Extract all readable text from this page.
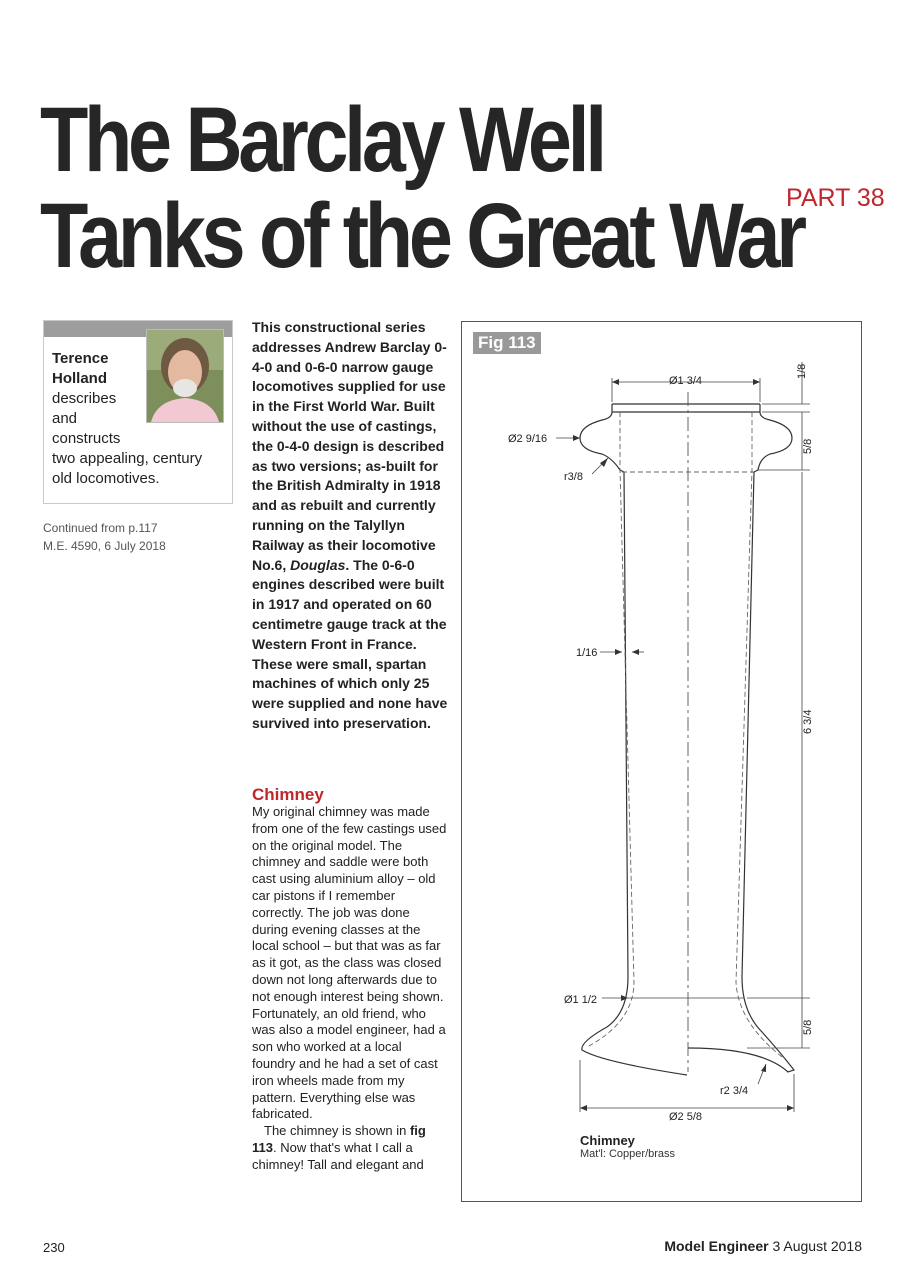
The Barclay Well
Tanks of the Great War
PART 38
Terence Holland
describes
and
constructs
two appealing, century
old locomotives.
Continued from p.117
M.E. 4590, 6 July 2018

This constructional series addresses Andrew Barclay 0-4-0 and 0-6-0 narrow gauge locomotives supplied for use in the First World War. Built without the use of castings, the 0-4-0 design is described as two versions; as-built for the British Admiralty in 1918 and as rebuilt and currently running on the Talyllyn Railway as their locomotive No.6, Douglas. The 0-6-0 engines described were built in 1917 and operated on 60 centimetre gauge track at the Western Front in France. These were small, spartan machines of which only 25 were supplied and none have survived into preservation.

Chimney
My original chimney was made from one of the few castings used on the original model. The chimney and saddle were both cast using aluminium alloy – old car pistons if I remember correctly. The job was done during evening classes at the local school – but that was as far as it got, as the class was closed down not long afterwards due to not enough interest being shown. Fortunately, an old friend, who was also a model engineer, had a son who worked at a local foundry and he had a set of cast iron wheels made from my pattern. Everything else was fabricated.
The chimney is shown in fig 113. Now that's what I call a chimney! Tall and elegant and
Ø1 3/4
1/8
Ø2 9/16	5/8
r3/8
1/16
6 3/4
Ø1 1/2
5/8
r2 3/4
Ø2 5/8
Fig 113
Chimney
Mat'l: Copper/brass
230	Model Engineer 3 August 2018
